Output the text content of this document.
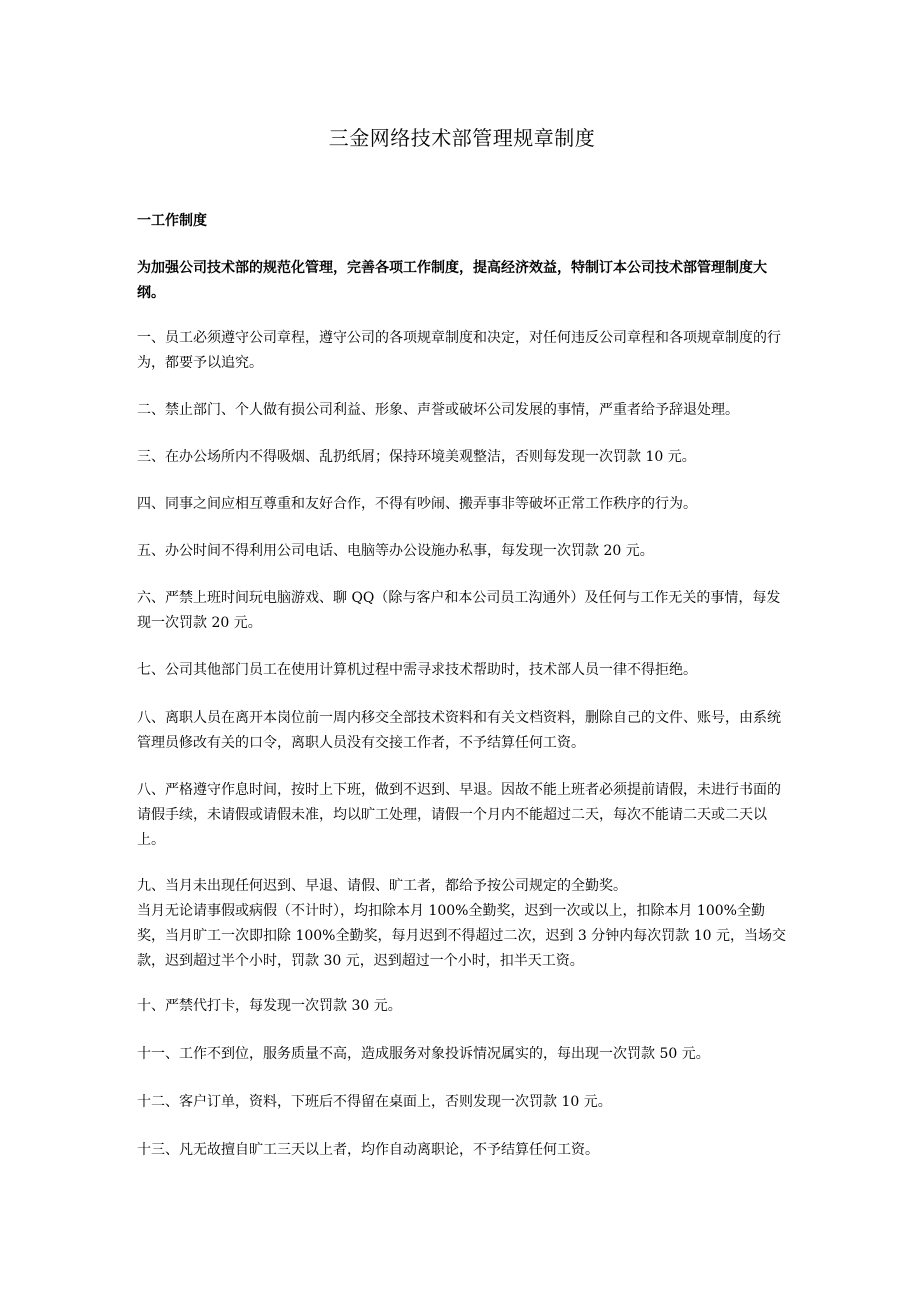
三金网络技术部管理规章制度
一工作制度
为加强公司技术部的规范化管理，完善各项工作制度，提高经济效益，特制订本公司技术部管理制度大纲。
一、员工必须遵守公司章程，遵守公司的各项规章制度和决定，对任何违反公司章程和各项规章制度的行为，都要予以追究。
二、禁止部门、个人做有损公司利益、形象、声誉或破坏公司发展的事情，严重者给予辞退处理。
三、在办公场所内不得吸烟、乱扔纸屑；保持环境美观整洁，否则每发现一次罚款 10 元。
四、同事之间应相互尊重和友好合作，不得有吵闹、搬弄事非等破坏正常工作秩序的行为。
五、办公时间不得利用公司电话、电脑等办公设施办私事，每发现一次罚款 20 元。
六、严禁上班时间玩电脑游戏、聊 QQ（除与客户和本公司员工沟通外）及任何与工作无关的事情，每发现一次罚款 20 元。
七、公司其他部门员工在使用计算机过程中需寻求技术帮助时，技术部人员一律不得拒绝。
八、离职人员在离开本岗位前一周内移交全部技术资料和有关文档资料，删除自己的文件、账号，由系统管理员修改有关的口令，离职人员没有交接工作者，不予结算任何工资。
八、严格遵守作息时间，按时上下班，做到不迟到、早退。因故不能上班者必须提前请假，未进行书面的请假手续，未请假或请假未准，均以旷工处理，请假一个月内不能超过二天，每次不能请二天或二天以上。
九、当月未出现任何迟到、早退、请假、旷工者，都给予按公司规定的全勤奖。
当月无论请事假或病假（不计时），均扣除本月 100%全勤奖，迟到一次或以上，扣除本月 100%全勤奖，当月旷工一次即扣除 100%全勤奖，每月迟到不得超过二次，迟到 3 分钟内每次罚款 10 元，当场交款，迟到超过半个小时，罚款 30 元，迟到超过一个小时，扣半天工资。
十、严禁代打卡，每发现一次罚款 30 元。
十一、工作不到位，服务质量不高，造成服务对象投诉情况属实的，每出现一次罚款 50 元。
十二、客户订单，资料，下班后不得留在桌面上，否则发现一次罚款 10 元。
十三、凡无故擅自旷工三天以上者，均作自动离职论，不予结算任何工资。
